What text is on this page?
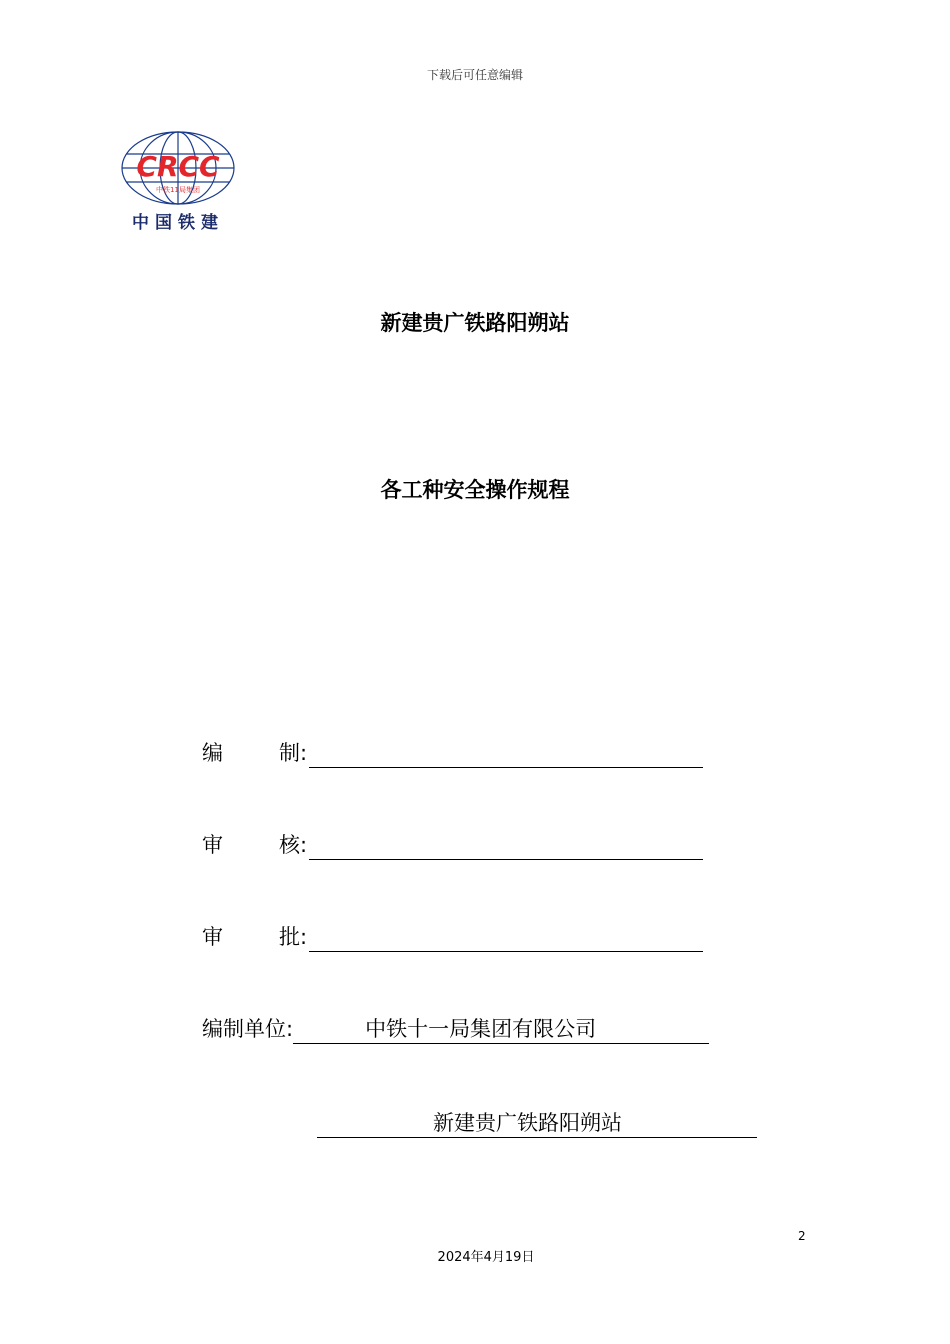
下载后可任意编辑
CRCC
中铁11局集团
中国铁建
新建贵广铁路阳朔站
各工种安全操作规程
编	制 :
审	核 :
审	批 :
编制单位:	中铁十一局集团有限公司
新建贵广铁路阳朔站
2
2024年4月19日
